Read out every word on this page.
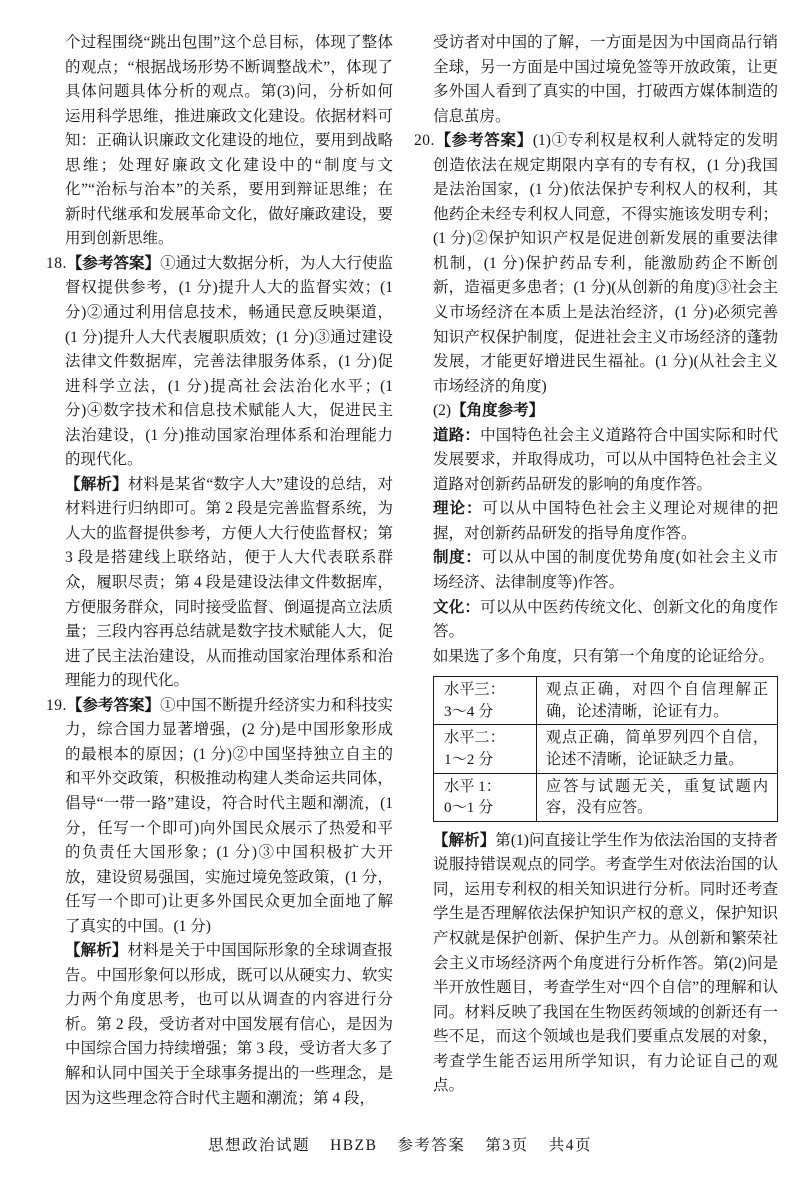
个过程围绕“跳出包围”这个总目标，体现了整体的观点；“根据战场形势不断调整战术”，体现了具体问题具体分析的观点。第(3)问，分析如何运用科学思维，推进廉政文化建设。依据材料可知：正确认识廉政文化建设的地位，要用到战略思维；处理好廉政文化建设中的“制度与文化”“治标与治本”的关系，要用到辩证思维；在新时代继承和发展革命文化，做好廉政建设，要用到创新思维。

18.【参考答案】①通过大数据分析，为人大行使监督权提供参考，(1 分)提升人大的监督实效；(1 分)②通过利用信息技术，畅通民意反映渠道，(1 分)提升人大代表履职质效；(1 分)③通过建设法律文件数据库，完善法律服务体系，(1 分)促进科学立法，(1 分)提高社会法治化水平；(1 分)④数字技术和信息技术赋能人大，促进民主法治建设，(1 分)推动国家治理体系和治理能力的现代化。

【解析】材料是某省“数字人大”建设的总结，对材料进行归纳即可。第 2 段是完善监督系统，为人大的监督提供参考，方便人大行使监督权；第 3 段是搭建线上联络站，便于人大代表联系群众，履职尽责；第 4 段是建设法律文件数据库，方便服务群众，同时接受监督、倒逼提高立法质量；三段内容再总结就是数字技术赋能人大，促进了民主法治建设，从而推动国家治理体系和治理能力的现代化。

19.【参考答案】①中国不断提升经济实力和科技实力，综合国力显著增强，(2 分)是中国形象形成的最根本的原因；(1 分)②中国坚持独立自主的和平外交政策，积极推动构建人类命运共同体，倡导“一带一路”建设，符合时代主题和潮流，(1 分，任写一个即可)向外国民众展示了热爱和平的负责任大国形象；(1 分)③中国积极扩大开放，建设贸易强国，实施过境免签政策，(1 分，任写一个即可)让更多外国民众更加全面地了解了真实的中国。(1 分)

【解析】材料是关于中国国际形象的全球调查报告。中国形象何以形成，既可以从硬实力、软实力两个角度思考，也可以从调查的内容进行分析。第 2 段，受访者对中国发展有信心，是因为中国综合国力持续增强；第 3 段，受访者大多了解和认同中国关于全球事务提出的一些理念，是因为这些理念符合时代主题和潮流；第 4 段，

受访者对中国的了解，一方面是因为中国商品行销全球，另一方面是中国过境免签等开放政策，让更多外国人看到了真实的中国，打破西方媒体制造的信息茧房。

20.【参考答案】(1)①专利权是权利人就特定的发明创造依法在规定期限内享有的专有权，(1 分)我国是法治国家，(1 分)依法保护专利权人的权利，其他药企未经专利权人同意，不得实施该发明专利；(1 分)②保护知识产权是促进创新发展的重要法律机制，(1 分)保护药品专利，能激励药企不断创新，造福更多患者；(1 分)(从创新的角度)③社会主义市场经济在本质上是法治经济，(1 分)必须完善知识产权保护制度，促进社会主义市场经济的蓬勃发展，才能更好增进民生福祉。(1 分)(从社会主义市场经济的角度)

(2)【角度参考】

道路：中国特色社会主义道路符合中国实际和时代发展要求，并取得成功，可以从中国特色社会主义道路对创新药品研发的影响的角度作答。

理论：可以从中国特色社会主义理论对规律的把握，对创新药品研发的指导角度作答。

制度：可以从中国的制度优势角度(如社会主义市场经济、法律制度等)作答。

文化：可以从中医药传统文化、创新文化的角度作答。

如果选了多个角度，只有第一个角度的论证给分。

水平三：
3～4 分	观点正确，对四个自信理解正确，论述清晰，论证有力。

水平二：
1～2 分	观点正确，简单罗列四个自信，论述不清晰，论证缺乏力量。

水平 1：
0～1 分	应答与试题无关，重复试题内容，没有应答。

【解析】第(1)问直接让学生作为依法治国的支持者说服持错误观点的同学。考查学生对依法治国的认同，运用专利权的相关知识进行分析。同时还考查学生是否理解依法保护知识产权的意义，保护知识产权就是保护创新、保护生产力。从创新和繁荣社会主义市场经济两个角度进行分析作答。第(2)问是半开放性题目，考查学生对“四个自信”的理解和认同。材料反映了我国在生物医药领域的创新还有一些不足，而这个领域也是我们要重点发展的对象，考查学生能否运用所学知识，有力论证自己的观点。

思想政治试题 HBZB 参考答案 第3页 共4页
